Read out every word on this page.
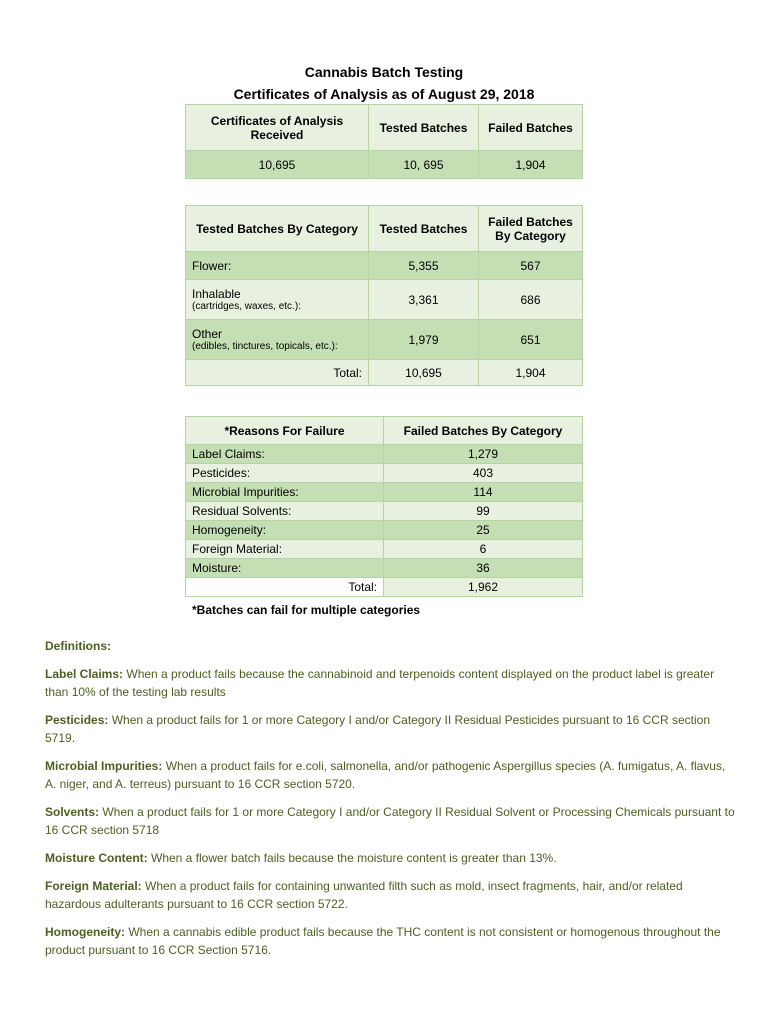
Cannabis Batch Testing
Certificates of Analysis as of August 29, 2018
Certificates of Analysis Received	Tested Batches	Failed Batches
10,695	10, 695	1,904
Tested Batches By Category	Tested Batches	Failed Batches By Category
Flower:	5,355	567

Inhalable
(cartridges, waxes, etc.):	3,361	686

Other
(edibles, tinctures, topicals, etc.):	1,979	651
Total:	10,695	1,904
*Reasons For Failure	Failed Batches By Category
Label Claims:	1,279
Pesticides:	403
Microbial Impurities:	114
Residual Solvents:	99
Homogeneity:	25
Foreign Material:	6
Moisture:	36
Total:	1,962
*Batches can fail for multiple categories
Definitions:

Label Claims: When a product fails because the cannabinoid and terpenoids content displayed on the product label is greater than 10% of the testing lab results

Pesticides: When a product fails for 1 or more Category I and/or Category II Residual Pesticides pursuant to 16 CCR section 5719.

Microbial Impurities: When a product fails for e.coli, salmonella, and/or pathogenic Aspergillus species (A. fumigatus, A. flavus, A. niger, and A. terreus) pursuant to 16 CCR section 5720.

Solvents: When a product fails for 1 or more Category I and/or Category II Residual Solvent or Processing Chemicals pursuant to 16 CCR section 5718

Moisture Content: When a flower batch fails because the moisture content is greater than 13%.

Foreign Material: When a product fails for containing unwanted filth such as mold, insect fragments, hair, and/or related hazardous adulterants pursuant to 16 CCR section 5722.

Homogeneity: When a cannabis edible product fails because the THC content is not consistent or homogenous throughout the product pursuant to 16 CCR Section 5716.
